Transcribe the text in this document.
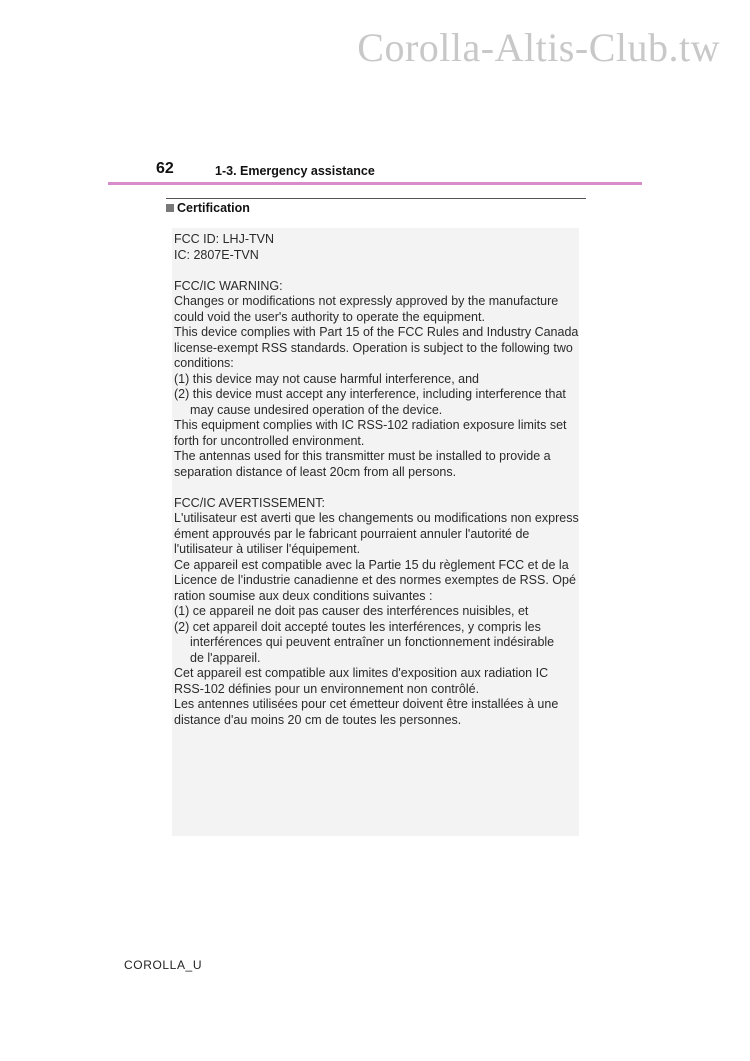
Corolla-Altis-Club.tw
62	1-3. Emergency assistance
Certification
FCC ID: LHJ-TVN
IC: 2807E-TVN
FCC/IC WARNING:
Changes or modifications not expressly approved by the manufacture
could void the user's authority to operate the equipment.
This device complies with Part 15 of the FCC Rules and Industry Canada
license-exempt RSS standards. Operation is subject to the following two
conditions:
(1) this device may not cause harmful interference, and
(2) this device must accept any interference, including interference that
may cause undesired operation of the device.
This equipment complies with IC RSS-102 radiation exposure limits set
forth for uncontrolled environment.
The antennas used for this transmitter must be installed to provide a
separation distance of least 20cm from all persons.
FCC/IC AVERTISSEMENT:
L'utilisateur est averti que les changements ou modifications non express
ément approuvés par le fabricant pourraient annuler l'autorité de
l'utilisateur à utiliser l'équipement.
Ce appareil est compatible avec la Partie 15 du règlement FCC et de la
Licence de l'industrie canadienne et des normes exemptes de RSS. Opé
ration soumise aux deux conditions suivantes :
(1) ce appareil ne doit pas causer des interférences nuisibles, et
(2) cet appareil doit accepté toutes les interférences, y compris les
interférences qui peuvent entraîner un fonctionnement indésirable
de l'appareil.
Cet appareil est compatible aux limites d'exposition aux radiation IC
RSS-102 définies pour un environnement non contrôlé.
Les antennes utilisées pour cet émetteur doivent être installées à une
distance d'au moins 20 cm de toutes les personnes.
COROLLA_U
